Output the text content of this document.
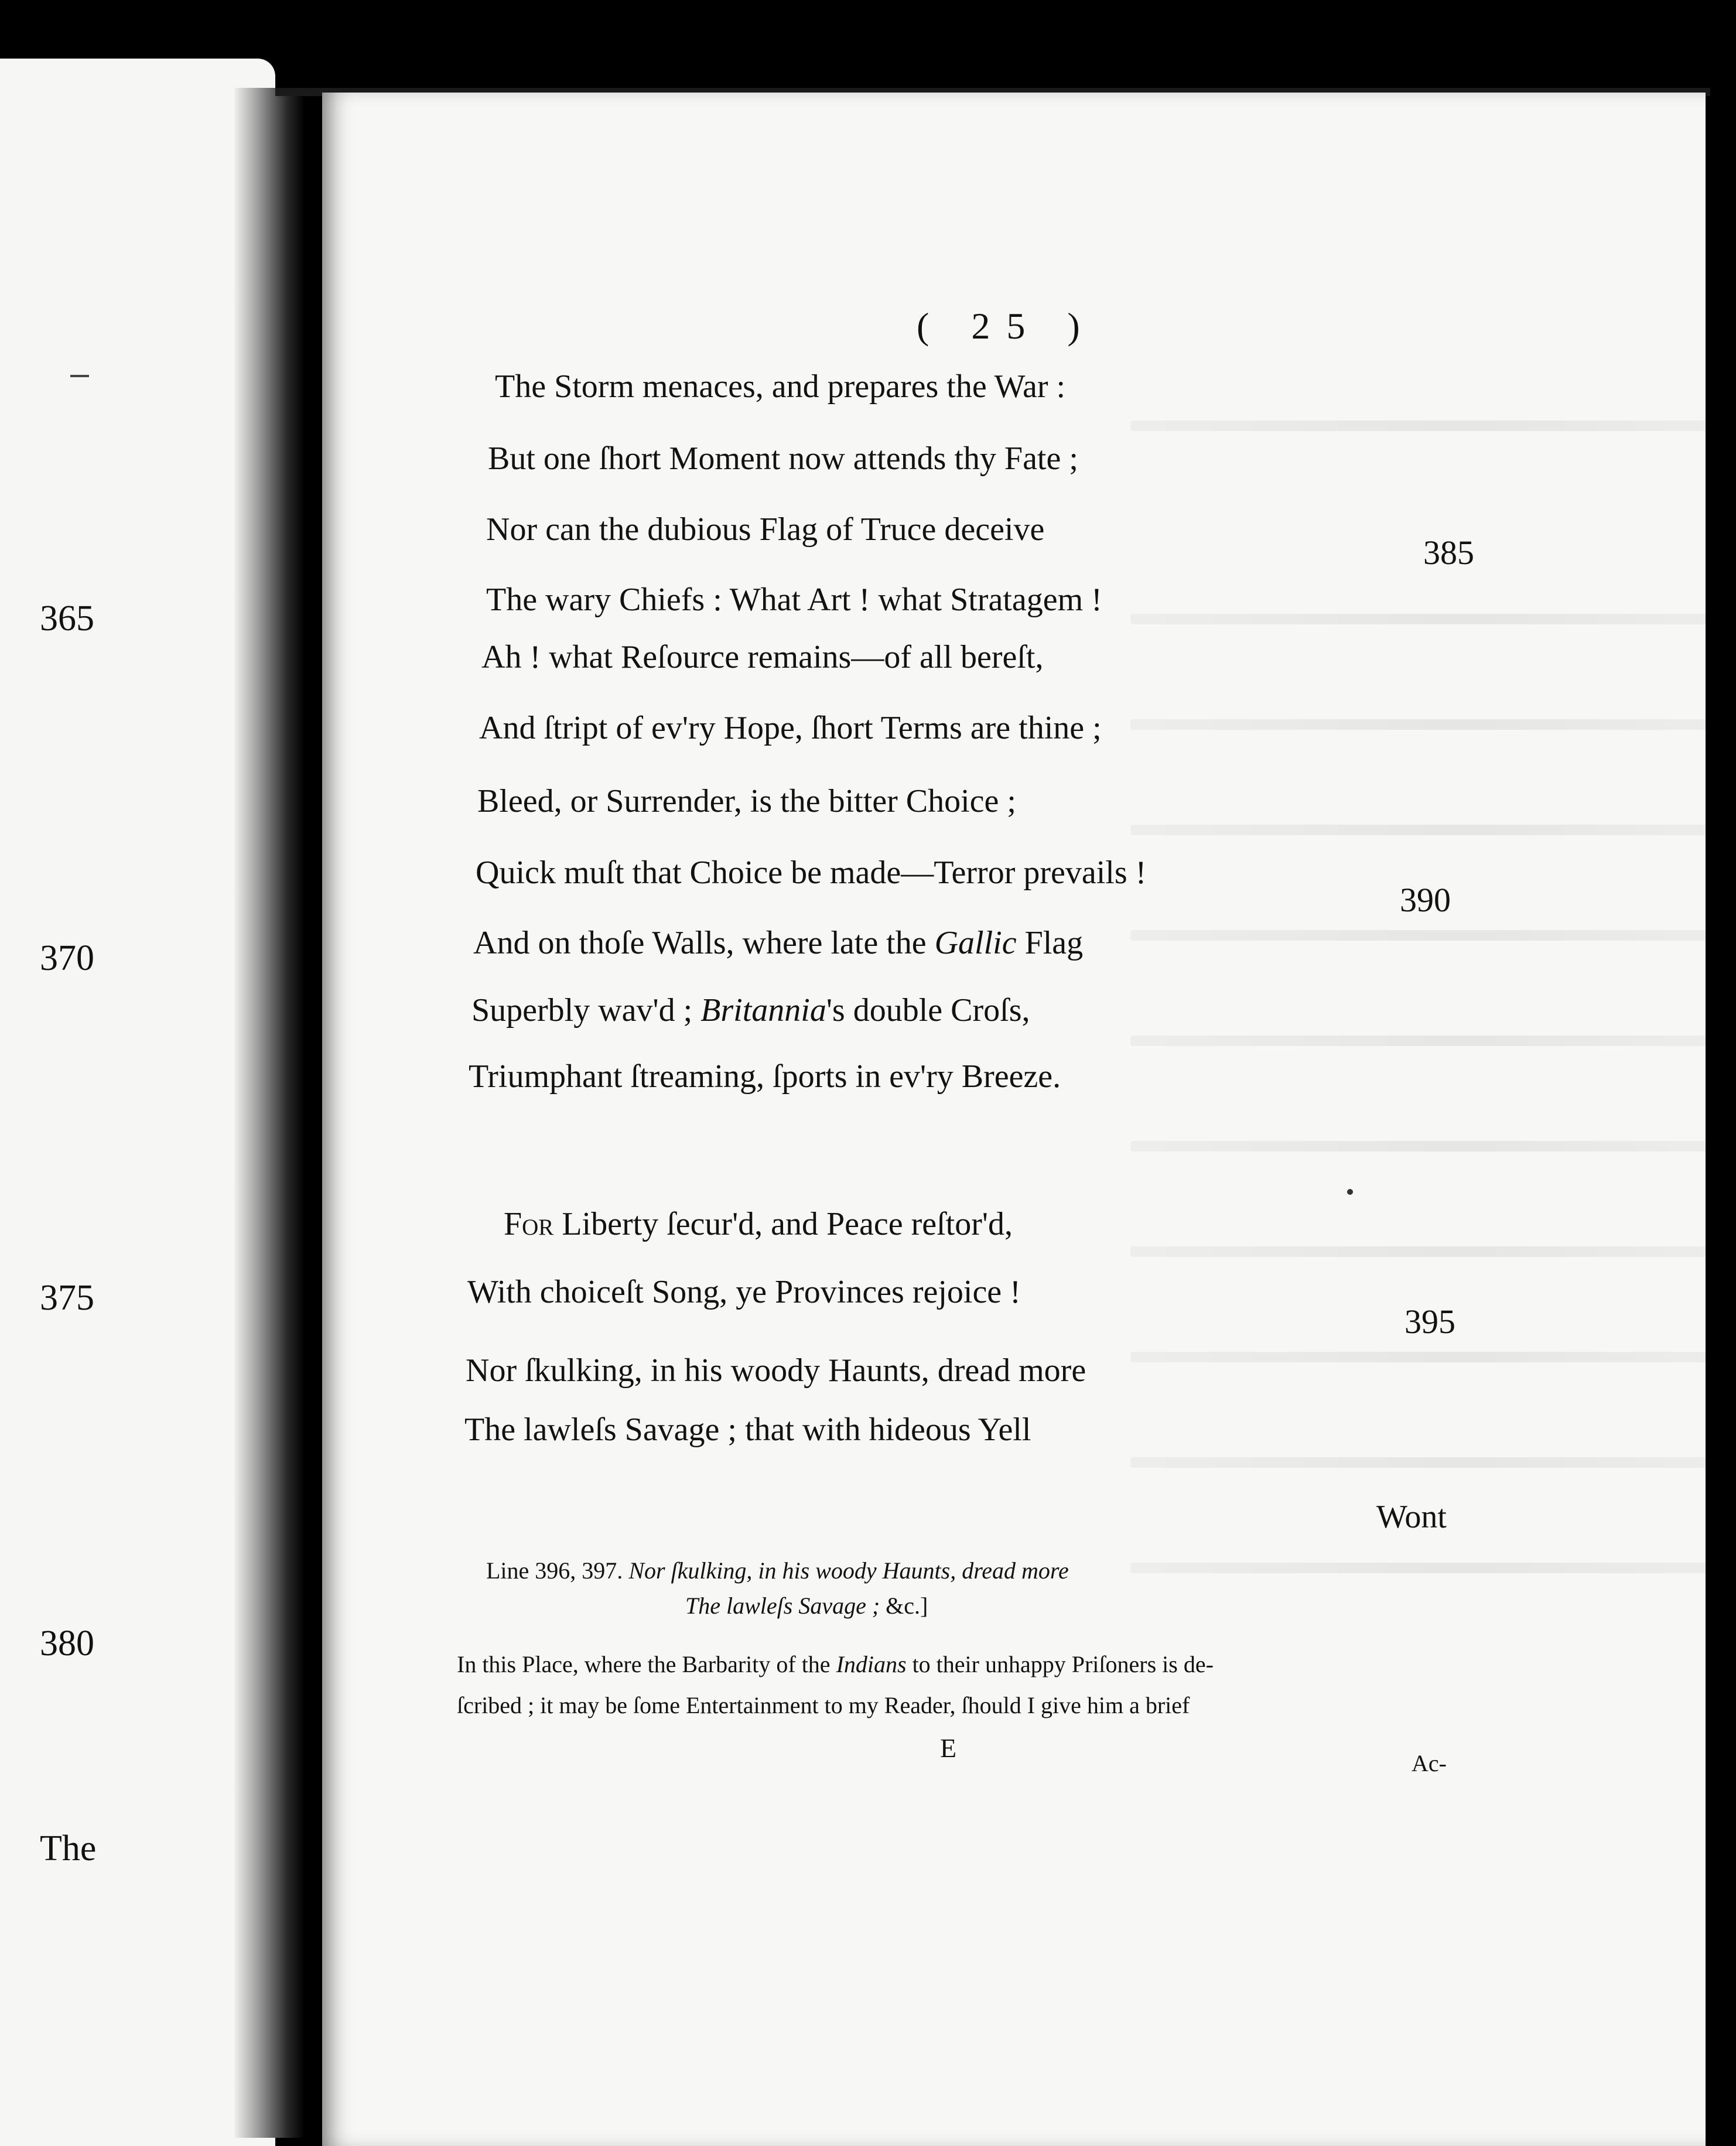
365
370
375
380
The
( 25 )
The Storm menaces, and prepares the War :
But one ſhort Moment now attends thy Fate ;
Nor can the dubious Flag of Truce deceive
The wary Chiefs : What Art ! what Stratagem !
Ah ! what Reſource remains—of all bereſt,
And ſtript of ev'ry Hope, ſhort Terms are thine ;
Bleed, or Surrender, is the bitter Choice ;
Quick muſt that Choice be made—Terror prevails !
And on thoſe Walls, where late the Gallic Flag
Superbly wav'd ; Britannia's double Croſs,
Triumphant ſtreaming, ſports in ev'ry Breeze.
For Liberty ſecur'd, and Peace reſtor'd,
With choiceſt Song, ye Provinces rejoice !
Nor ſkulking, in his woody Haunts, dread more
The lawleſs Savage ; that with hideous Yell
385
390
395
Wont
Line 396, 397. Nor ſkulking, in his woody Haunts, dread more
The lawleſs Savage ; &c.]
In this Place, where the Barbarity of the Indians to their unhappy Priſoners is de-
ſcribed ; it may be ſome Entertainment to my Reader, ſhould I give him a brief
E
Ac-
